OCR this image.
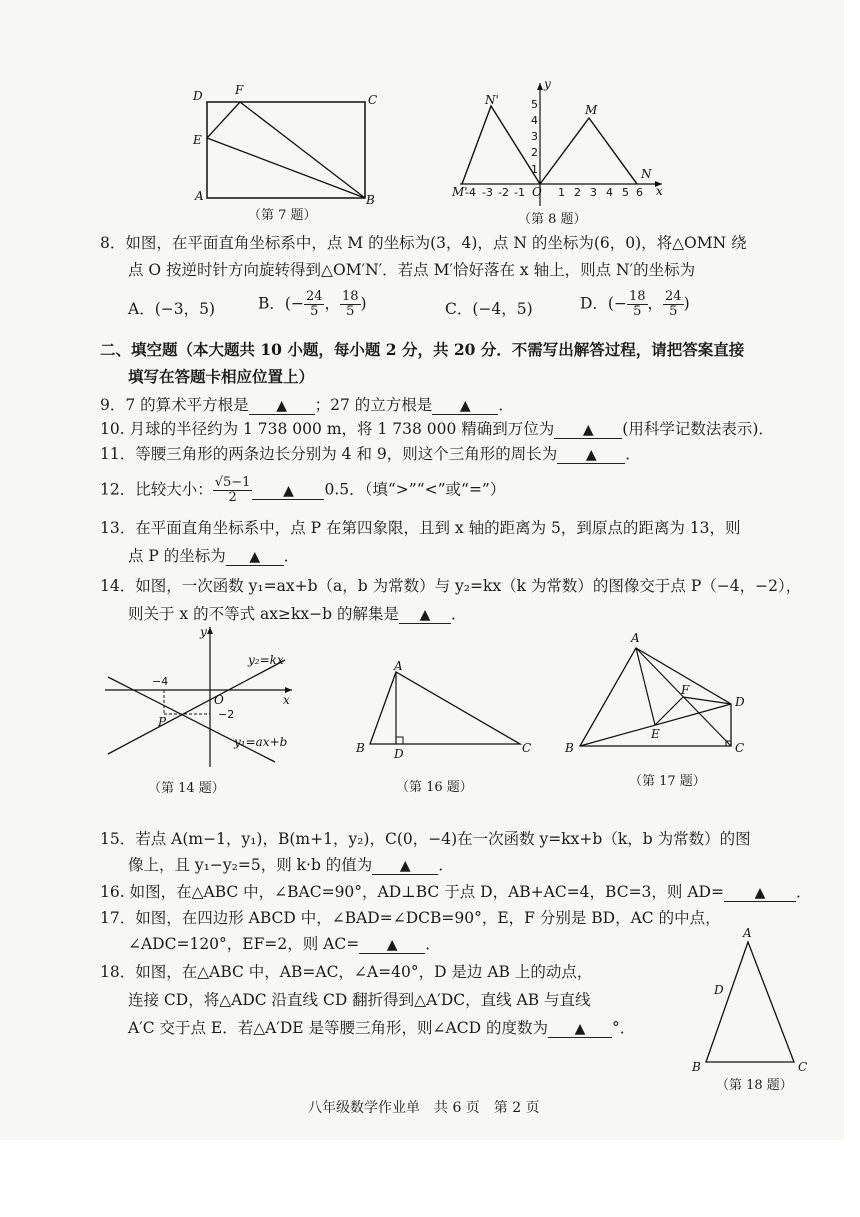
D	F
C
E
A	B
（第 7 题）
-4 -3 -2 -1	1 2 3 4 5 6
1
2
3
4
5
N'
M
M'	O
N
x
y
（第 8 题）
8．如图，在平面直角坐标系中，点 M 的坐标为(3，4)，点 N 的坐标为(6，0)，将△OMN 绕
点 O 按逆时针方向旋转得到△OM′N′．若点 M′恰好落在 x 轴上，则点 N′的坐标为
A．(−3，5)	B．(− $\frac{24}{5}$ ， $\frac{18}{5}$ )	C．(−4，5)	D．(− $\frac{18}{5}$ ， $\frac{24}{5}$ )
二、填空题（本大题共 10 小题，每小题 2 分，共 20 分．不需写出解答过程，请把答案直接
填写在答题卡相应位置上）
9．7 的算术平方根是 ▲ ；27 的立方根是 ▲ ．
10. 月球的半径约为 1 738 000 m，将 1 738 000 精确到万位为 ▲ (用科学记数法表示)．
11．等腰三角形的两条边长分别为 4 和 9，则这个三角形的周长为 ▲ ．
12．比较大小： $\frac{√5-1}{2}$ ▲ 0.5．（填“>”“<”或“=”）
13．在平面直角坐标系中，点 P 在第四象限，且到 x 轴的距离为 5，到原点的距离为 13，则
点 P 的坐标为 ▲ ．
14．如图，一次函数 y₁=ax+b（a，b 为常数）与 y₂=kx（k 为常数）的图像交于点 P（−4，−2），
则关于 x 的不等式 ax≥kx−b 的解集是 ▲ ．
y
x
O
P
y₂=kx
y₁=ax+b
−4
−2
（第 14 题）
A
B D	C
（第 16 题）
A
F
D
E
B	C
（第 17 题）
15．若点 A(m−1，y₁)，B(m+1，y₂)，C(0，−4)在一次函数 y=kx+b（k，b 为常数）的图
像上，且 y₁−y₂=5，则 k·b 的值为 ▲ ．
16. 如图，在△ABC 中，∠BAC=90°，AD⊥BC 于点 D，AB+AC=4，BC=3，则 AD= ▲ ．
17．如图，在四边形 ABCD 中，∠BAD=∠DCB=90°，E，F 分别是 BD，AC 的中点，
∠ADC=120°，EF=2，则 AC= ▲ ．
18．如图，在△ABC 中，AB=AC，∠A=40°，D 是边 AB 上的动点，
连接 CD，将△ADC 沿直线 CD 翻折得到△A′DC，直线 AB 与直线
A′C 交于点 E．若△A′DE 是等腰三角形，则∠ACD 的度数为 ▲ °．
A
D
B	C
（第 18 题）
八年级数学作业单　共 6 页　第 2 页
